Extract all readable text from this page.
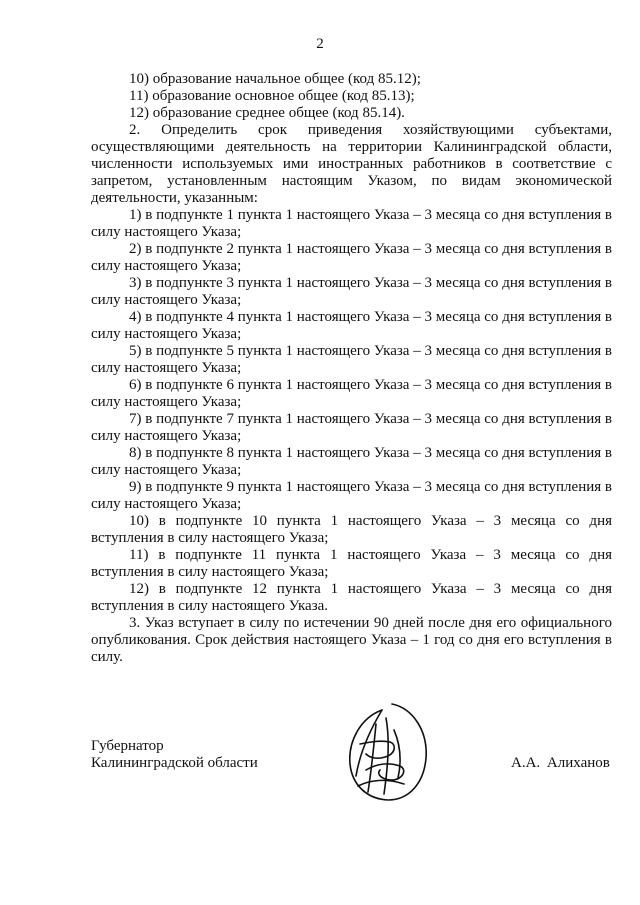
2

10) образование начальное общее (код 85.12);

11) образование основное общее (код 85.13);

12) образование среднее общее (код 85.14).

2. Определить срок приведения хозяйствующими субъектами, осуществляющими деятельность на территории Калининградской области, численности используемых ими иностранных работников в соответствие с запретом, установленным настоящим Указом, по видам экономической деятельности, указанным:

1) в подпункте 1 пункта 1 настоящего Указа – 3 месяца со дня вступления в силу настоящего Указа;

2) в подпункте 2 пункта 1 настоящего Указа – 3 месяца со дня вступления в силу настоящего Указа;

3) в подпункте 3 пункта 1 настоящего Указа – 3 месяца со дня вступления в силу настоящего Указа;

4) в подпункте 4 пункта 1 настоящего Указа – 3 месяца со дня вступления в силу настоящего Указа;

5) в подпункте 5 пункта 1 настоящего Указа – 3 месяца со дня вступления в силу настоящего Указа;

6) в подпункте 6 пункта 1 настоящего Указа – 3 месяца со дня вступления в силу настоящего Указа;

7) в подпункте 7 пункта 1 настоящего Указа – 3 месяца со дня вступления в силу настоящего Указа;

8) в подпункте 8 пункта 1 настоящего Указа – 3 месяца со дня вступления в силу настоящего Указа;

9) в подпункте 9 пункта 1 настоящего Указа – 3 месяца со дня вступления в силу настоящего Указа;

10) в подпункте 10 пункта 1 настоящего Указа – 3 месяца со дня вступления в силу настоящего Указа;

11) в подпункте 11 пункта 1 настоящего Указа – 3 месяца со дня вступления в силу настоящего Указа;

12) в подпункте 12 пункта 1 настоящего Указа – 3 месяца со дня вступления в силу настоящего Указа.

3. Указ вступает в силу по истечении 90 дней после дня его официального опубликования. Срок действия настоящего Указа – 1 год со дня его вступления в силу.

Губернатор
Калининградской области	А.А. Алиханов
